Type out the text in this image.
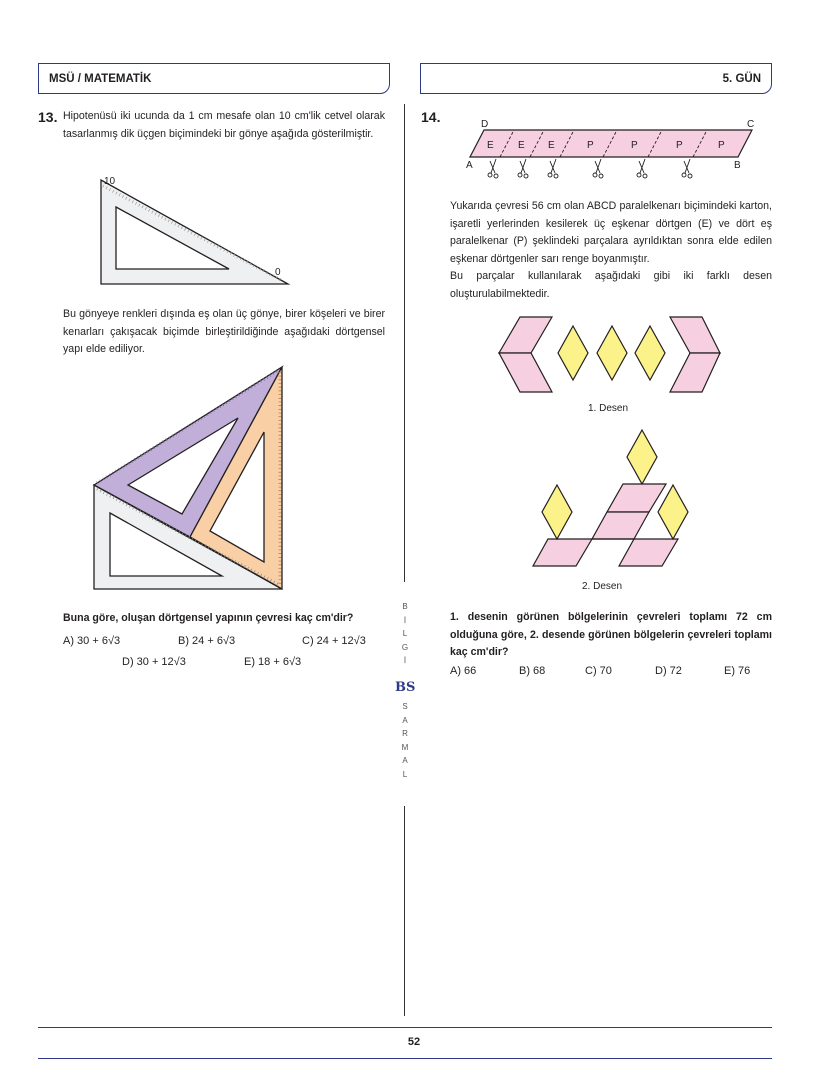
MSÜ / MATEMATİK	5. GÜN
13. Hipotenüsü iki ucunda da 1 cm mesafe olan 10 cm'lik cetvel olarak tasarlanmış dik üçgen biçimindeki bir gönye aşağıda gösterilmiştir.
10
0
A	B
C
D
E E E	P	P	P	P
Bu gönyeye renkleri dışında eş olan üç gönye, birer köşeleri ve birer kenarları çakışacak biçimde birleştirildiğinde aşağıdaki dörtgensel yapı elde ediliyor.
Buna göre, oluşan dörtgensel yapının çevresi kaç cm'dir?
A) 30 + 6√3	B) 24 + 6√3	C) 24 + 12√3
D) 30 + 12√3	E) 18 + 6√3
B
İ
L
G
İ
BS
S
A
R
M
A
L
14.
Yukarıda çevresi 56 cm olan ABCD paralelkenarı biçimindeki karton, işaretli yerlerinden kesilerek üç eşkenar dörtgen (E) ve dört eş paralelkenar (P) şeklindeki parçalara ayrıldıktan sonra elde edilen eşkenar dörtgenler sarı renge boyanmıştır.
Bu parçalar kullanılarak aşağıdaki gibi iki farklı desen oluşturulabilmektedir.
1. Desen
2. Desen
1. desenin görünen bölgelerinin çevreleri toplamı 72 cm olduğuna göre, 2. desende görünen bölgelerin çevreleri toplamı kaç cm'dir?
A) 66	B) 68	C) 70	D) 72	E) 76
52
